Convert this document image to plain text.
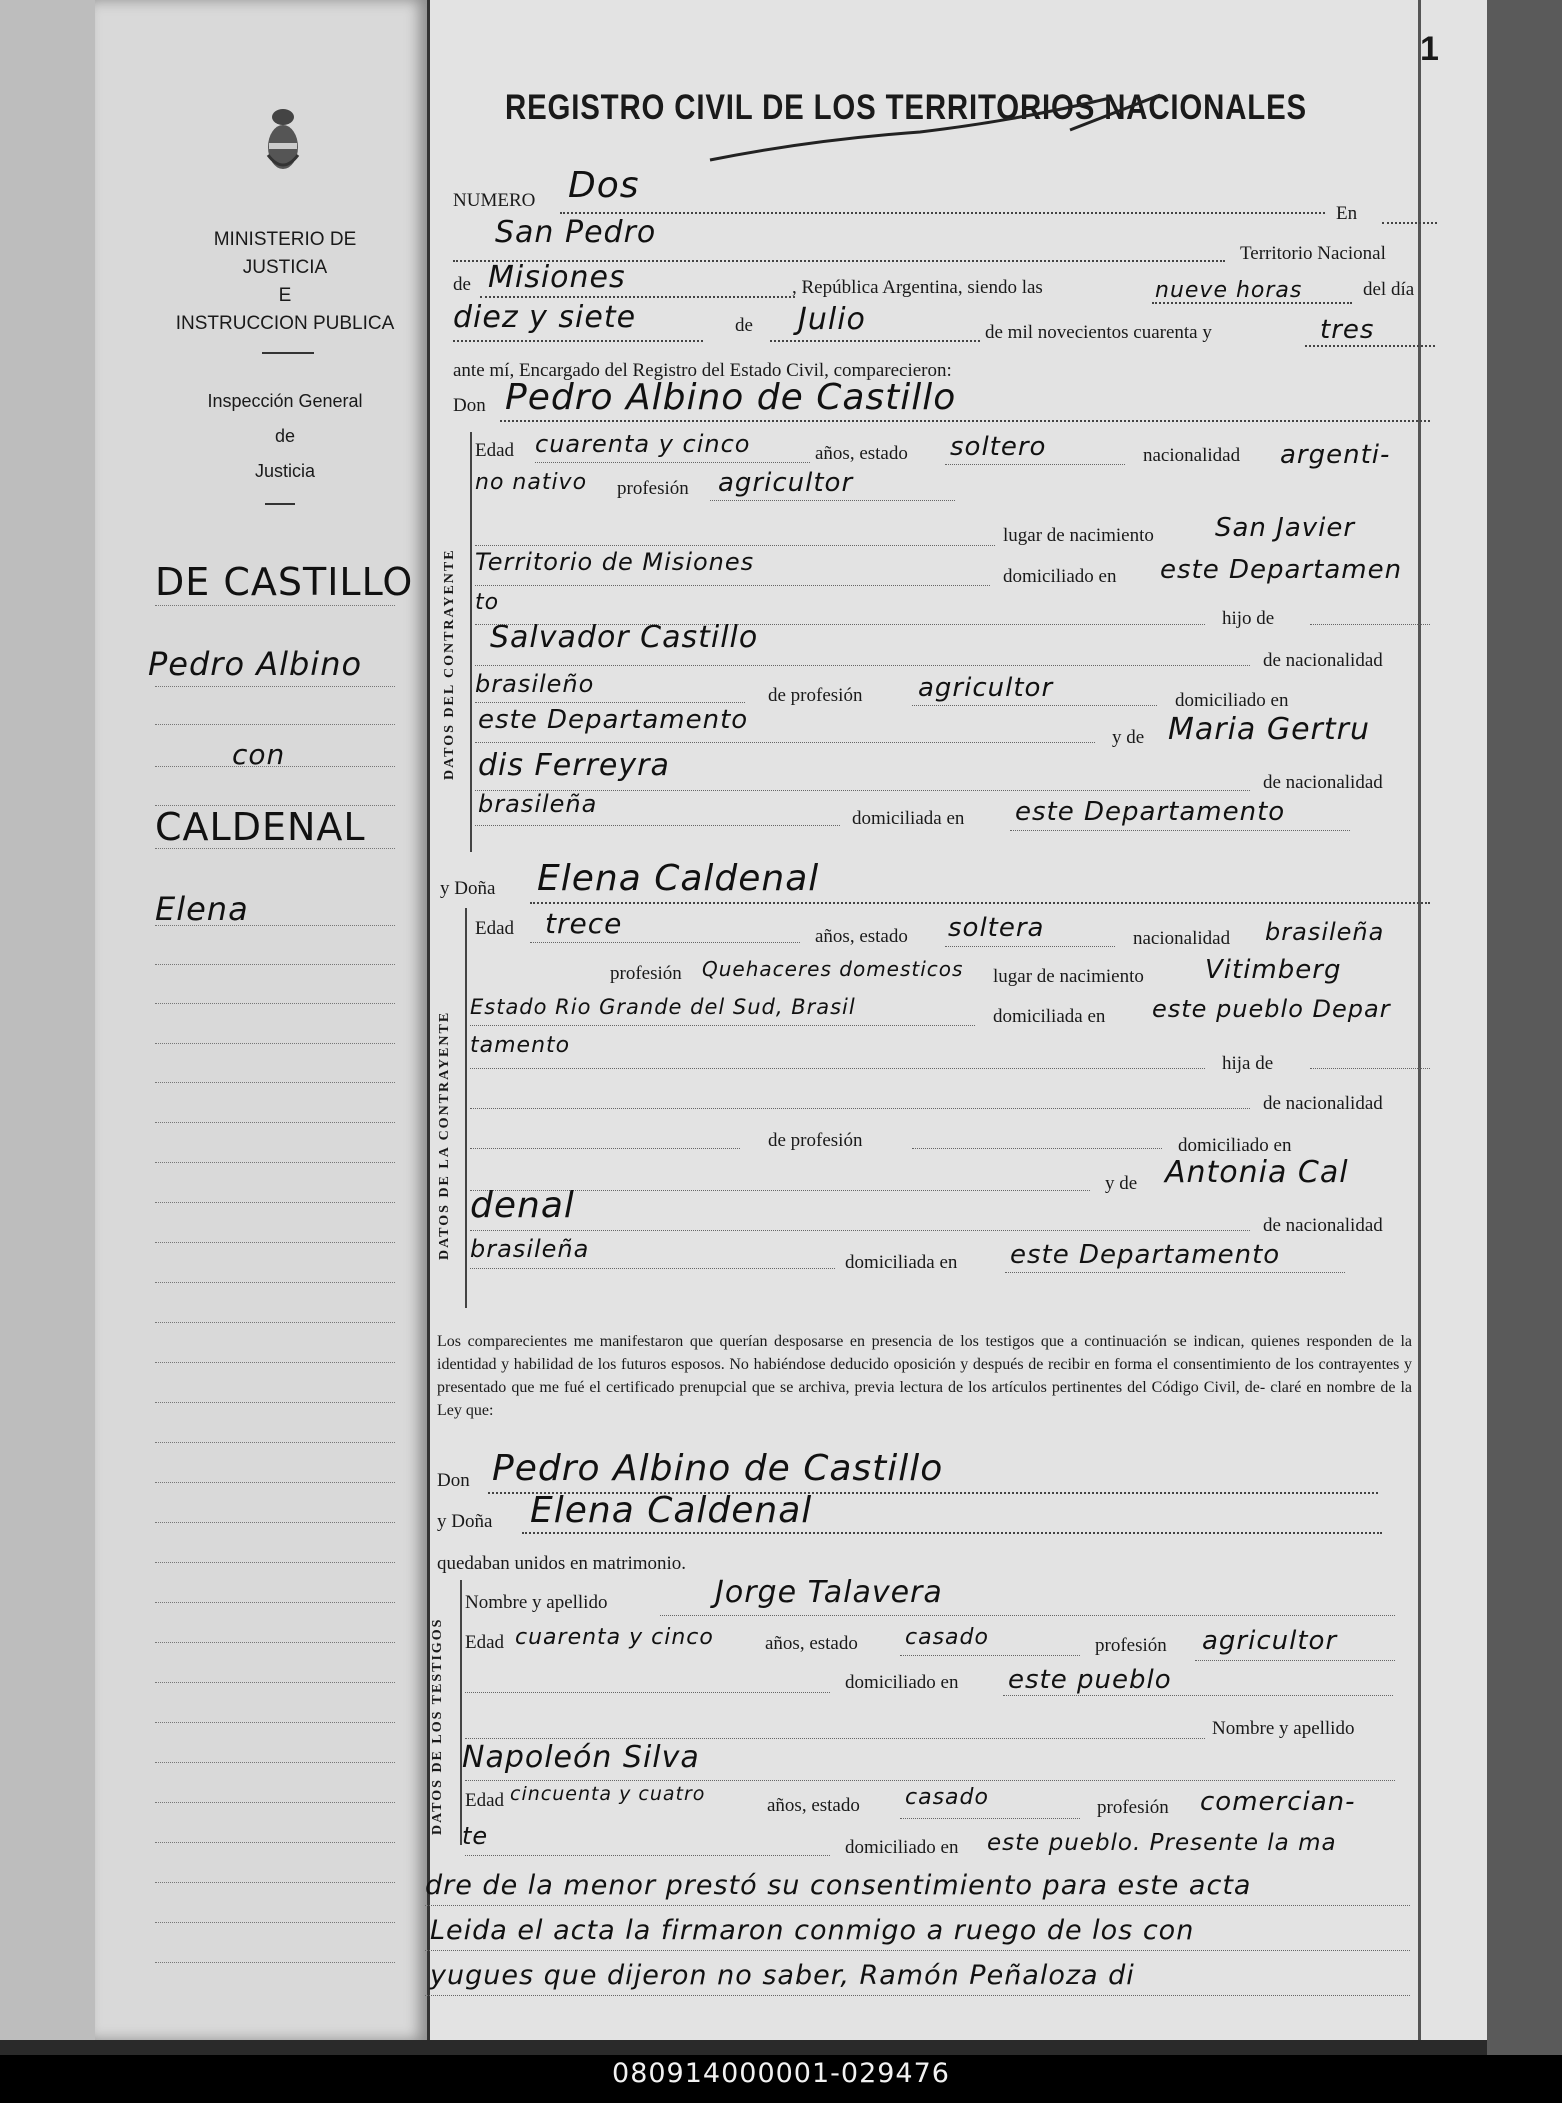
MINISTERIO DE JUSTICIA
E
INSTRUCCION PUBLICA
Inspección General
de
Justicia
DE CASTILLO
Pedro Albino
con
CALDENAL
Elena
1
REGISTRO CIVIL DE LOS TERRITORIOS NACIONALES
NUMERO Dos
En
San Pedro
Territorio Nacional
de Misiones	, República Argentina, siendo las	nueve horas	del día
diez y siete	de Julio	de mil novecientos cuarenta y	tres
ante mí, Encargado del Registro del Estado Civil, comparecieron:
Don Pedro Albino de Castillo
DATOS DEL CONTRAYENTE
Edad cuarenta y cinco	años, estado soltero	nacionalidad argenti-
no nativo profesión agricultor
lugar de nacimiento San Javier
Territorio de Misiones
domiciliado en este Departamen
to
hijo de
Salvador Castillo
de nacionalidad
brasileño	de profesión agricultor	domiciliado en
este Departamento
y de Maria Gertru
dis Ferreyra	de nacionalidad
brasileña
domiciliada en este Departamento
y Doña Elena Caldenal
DATOS DE LA CONTRAYENTE
Edad trece	años, estado soltera	nacionalidad brasileña
profesión Quehaceres domesticos lugar de nacimiento Vitimberg
Estado Rio Grande del Sud, Brasil	domiciliada en este pueblo Depar
tamento
hija de
de nacionalidad
de profesión	domiciliado en
y de Antonia Cal
denal	de nacionalidad
brasileña	domiciliada en este Departamento
Los comparecientes me manifestaron que querían desposarse en presencia de los testigos que a continuación se indican, quienes responden de la identidad y habilidad de los futuros esposos. No habiéndose deducido oposición y después de recibir en forma el consentimiento de los contrayentes y presentado que me fué el certificado prenupcial que se archiva, previa lectura de los artículos pertinentes del Código Civil, de- claré en nombre de la Ley que:
Don Pedro Albino de Castillo
y Doña Elena Caldenal
quedaban unidos en matrimonio.
DATOS DE LOS TESTIGOS
Nombre y apellido	Jorge Talavera
Edad cuarenta y cinco	años, estado casado	profesión agricultor
domiciliado en este pueblo
Nombre y apellido
Napoleón Silva
Edad cincuenta y cuatro
años, estado casado	profesión comercian-
te	domiciliado en este pueblo. Presente la ma
dre de la menor prestó su consentimiento para este acta
Leida el acta la firmaron conmigo a ruego de los con
yugues que dijeron no saber, Ramón Peñaloza di
080914000001-029476
